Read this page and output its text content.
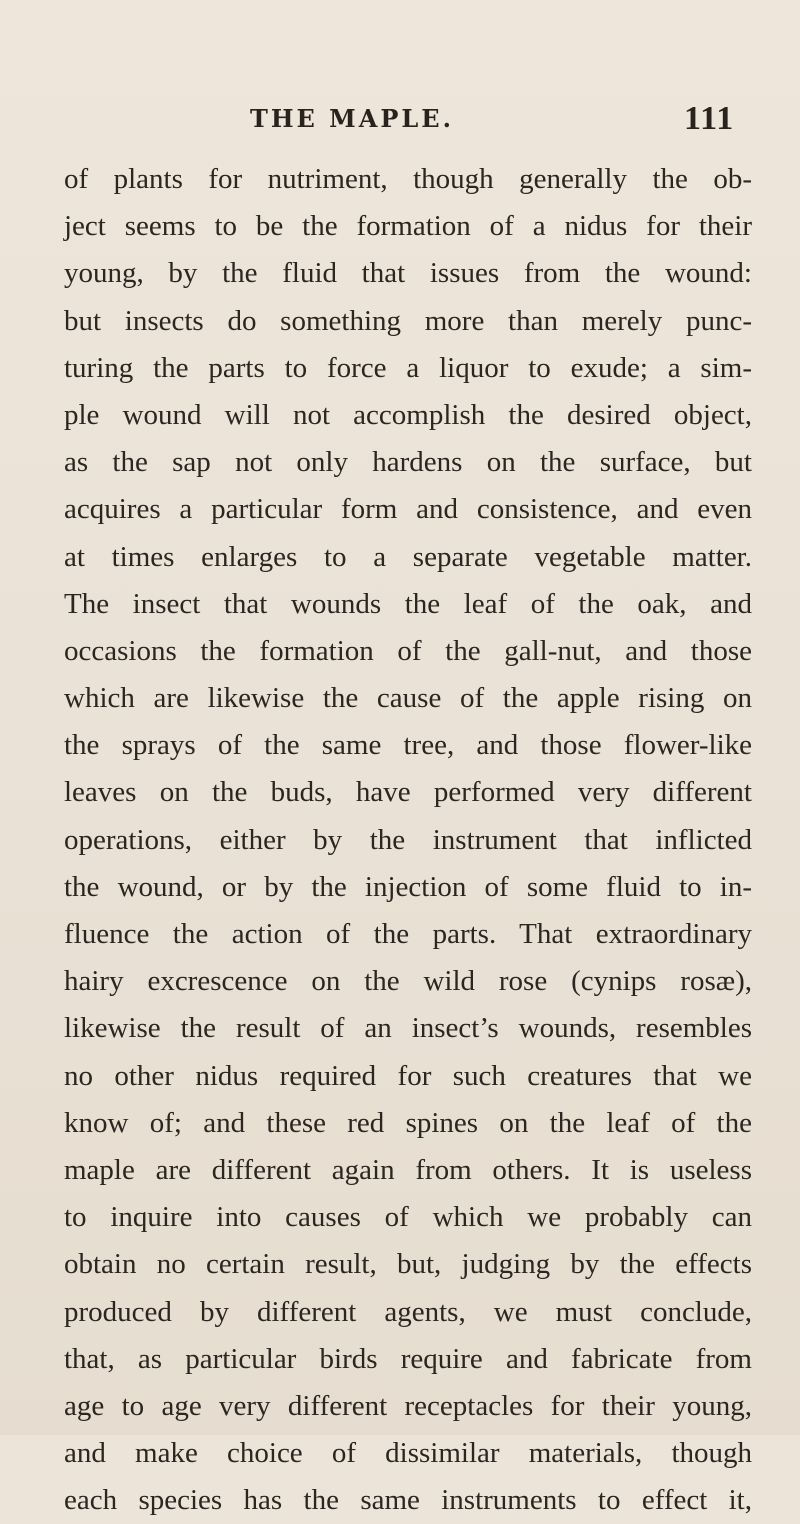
THE MAPLE.	111
of plants for nutriment, though generally the ob-
ject seems to be the formation of a nidus for their
young, by the fluid that issues from the wound:
but insects do something more than merely punc-
turing the parts to force a liquor to exude; a sim-
ple wound will not accomplish the desired object,
as the sap not only hardens on the surface, but
acquires a particular form and consistence, and even
at times enlarges to a separate vegetable matter.
The insect that wounds the leaf of the oak, and
occasions the formation of the gall-nut, and those
which are likewise the cause of the apple rising on
the sprays of the same tree, and those flower-like
leaves on the buds, have performed very different
operations, either by the instrument that inflicted
the wound, or by the injection of some fluid to in-
fluence the action of the parts. That extraordinary
hairy excrescence on the wild rose (cynips rosæ),
likewise the result of an insect’s wounds, resembles
no other nidus required for such creatures that we
know of; and these red spines on the leaf of the
maple are different again from others. It is useless
to inquire into causes of which we probably can
obtain no certain result, but, judging by the effects
produced by different agents, we must conclude,
that, as particular birds require and fabricate from
age to age very different receptacles for their young,
and make choice of dissimilar materials, though
each species has the same instruments to effect it,
